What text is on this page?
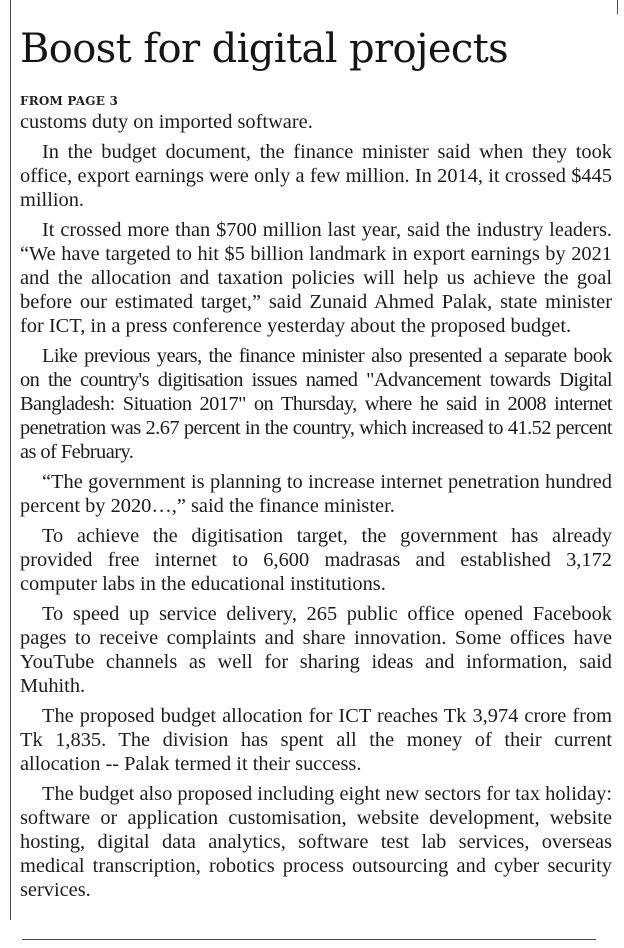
Boost for digital projects
FROM PAGE 3

customs duty on imported software.

In the budget document, the finance minister said when they took office, export earnings were only a few million. In 2014, it crossed $445 million.

It crossed more than $700 million last year, said the industry leaders. “We have targeted to hit $5 billion landmark in export earnings by 2021 and the allocation and taxation policies will help us achieve the goal before our estimated target,” said Zunaid Ahmed Palak, state minister for ICT, in a press conference yesterday about the proposed budget.

Like previous years, the finance minister also presented a separate book on the country's digitisation issues named "Advancement towards Digital Bangladesh: Situation 2017" on Thursday, where he said in 2008 internet penetration was 2.67 percent in the country, which increased to 41.52 percent as of February.

“The government is planning to increase internet penetration hundred percent by 2020…,” said the finance minister.

To achieve the digitisation target, the government has already provided free internet to 6,600 madrasas and established 3,172 computer labs in the educational institutions.

To speed up service delivery, 265 public office opened Facebook pages to receive complaints and share innovation. Some offices have YouTube channels as well for sharing ideas and information, said Muhith.

The proposed budget allocation for ICT reaches Tk 3,974 crore from Tk 1,835. The division has spent all the money of their current allocation -- Palak termed it their success.

The budget also proposed including eight new sectors for tax holiday: software or application customisation, website development, website hosting, digital data analytics, software test lab services, overseas medical transcription, robotics process outsourcing and cyber security services.
